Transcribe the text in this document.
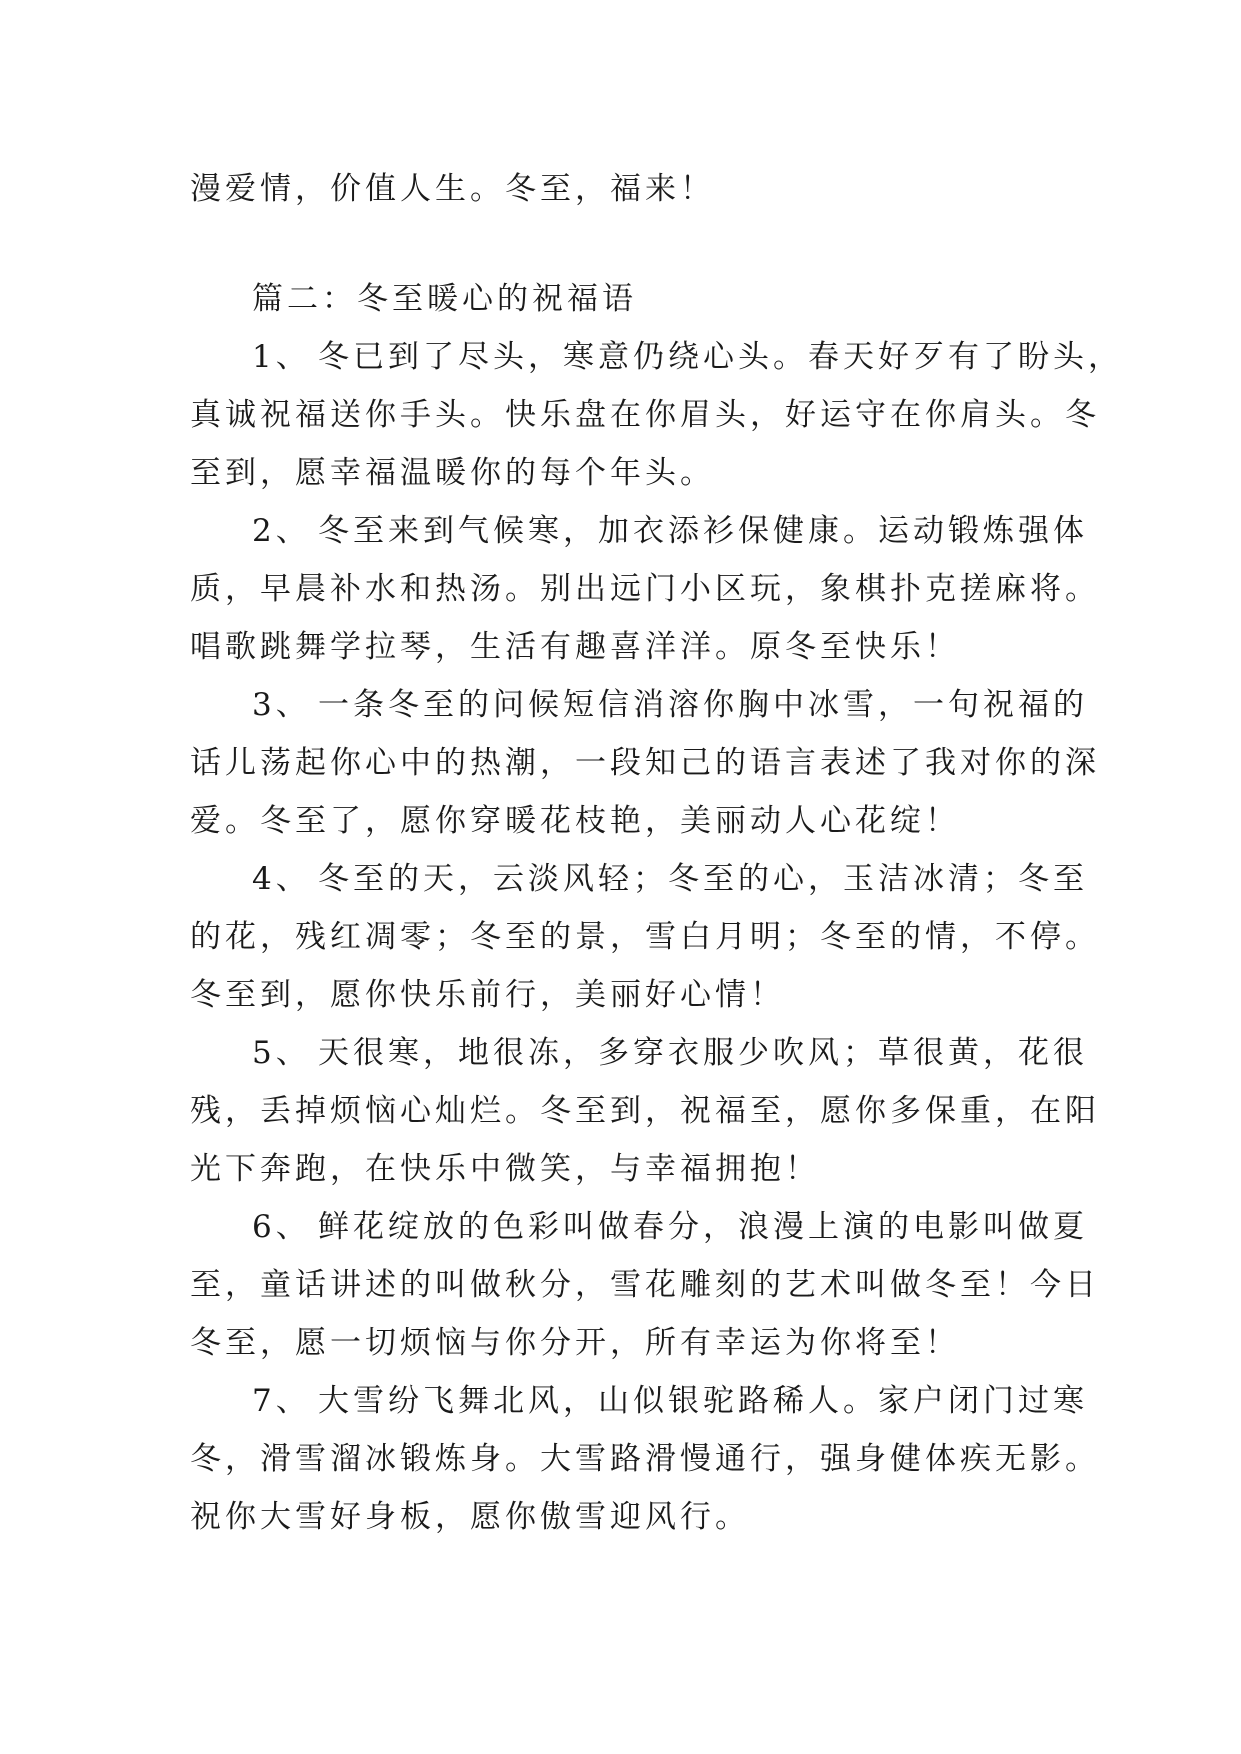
漫爱情，价值人生。冬至，福来！

篇二：冬至暖心的祝福语

1、 冬已到了尽头，寒意仍绕心头。春天好歹有了盼头，

真诚祝福送你手头。快乐盘在你眉头，好运守在你肩头。冬

至到，愿幸福温暖你的每个年头。

2、 冬至来到气候寒，加衣添衫保健康。运动锻炼强体

质，早晨补水和热汤。别出远门小区玩，象棋扑克搓麻将。

唱歌跳舞学拉琴，生活有趣喜洋洋。原冬至快乐！

3、 一条冬至的问候短信消溶你胸中冰雪，一句祝福的

话儿荡起你心中的热潮，一段知己的语言表述了我对你的深

爱。冬至了，愿你穿暖花枝艳，美丽动人心花绽！

4、 冬至的天，云淡风轻；冬至的心，玉洁冰清；冬至

的花，残红凋零；冬至的景，雪白月明；冬至的情，不停。

冬至到，愿你快乐前行，美丽好心情！

5、 天很寒，地很冻，多穿衣服少吹风；草很黄，花很

残，丢掉烦恼心灿烂。冬至到，祝福至，愿你多保重，在阳

光下奔跑，在快乐中微笑，与幸福拥抱！

6、 鲜花绽放的色彩叫做春分，浪漫上演的电影叫做夏

至，童话讲述的叫做秋分，雪花雕刻的艺术叫做冬至！今日

冬至，愿一切烦恼与你分开，所有幸运为你将至！

7、 大雪纷飞舞北风，山似银驼路稀人。家户闭门过寒

冬，滑雪溜冰锻炼身。大雪路滑慢通行，强身健体疾无影。

祝你大雪好身板，愿你傲雪迎风行。
